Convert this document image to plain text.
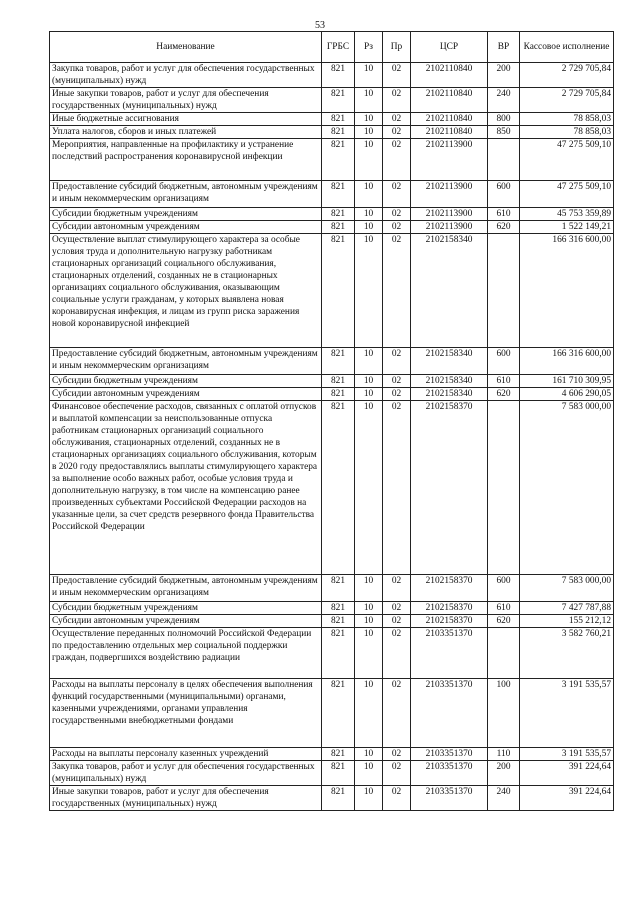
53
Наименование	ГРБС	Рз	Пр	ЦСР	ВР	Кассовое исполнение
Закупка товаров, работ и услуг для обеспечения государственных (муниципальных) нужд	821	10	02	2102110840	200	2 729 705,84
Иные закупки товаров, работ и услуг для обеспечения государственных (муниципальных) нужд	821	10	02	2102110840	240	2 729 705,84
Иные бюджетные ассигнования	821	10	02	2102110840	800	78 858,03
Уплата налогов, сборов и иных платежей	821	10	02	2102110840	850	78 858,03
Мероприятия, направленные на профилактику и устранение последствий распространения коронавирусной инфекции	821	10	02	2102113900		47 275 509,10
Предоставление субсидий бюджетным, автономным учреждениям и иным некоммерческим организациям	821	10	02	2102113900	600	47 275 509,10
Субсидии бюджетным учреждениям	821	10	02	2102113900	610	45 753 359,89
Субсидии автономным учреждениям	821	10	02	2102113900	620	1 522 149,21
Осуществление выплат стимулирующего характера за особые условия труда и дополнительную нагрузку работникам стационарных организаций социального обслуживания, стационарных отделений, созданных не в стационарных организациях социального обслуживания, оказывающим социальные услуги гражданам, у которых выявлена новая коронавирусная инфекция, и лицам из групп риска заражения новой коронавирусной инфекцией	821	10	02	2102158340		166 316 600,00
Предоставление субсидий бюджетным, автономным учреждениям и иным некоммерческим организациям	821	10	02	2102158340	600	166 316 600,00
Субсидии бюджетным учреждениям	821	10	02	2102158340	610	161 710 309,95
Субсидии автономным учреждениям	821	10	02	2102158340	620	4 606 290,05
Финансовое обеспечение расходов, связанных с оплатой отпусков и выплатой компенсации за неиспользованные отпуска работникам стационарных организаций социального обслуживания, стационарных отделений, созданных не в стационарных организациях социального обслуживания, которым в 2020 году предоставлялись выплаты стимулирующего характера за выполнение особо важных работ, особые условия труда и дополнительную нагрузку, в том числе на компенсацию ранее произведенных субъектами Российской Федерации расходов на указанные цели, за счет средств резервного фонда Правительства Российской Федерации	821	10	02	2102158370		7 583 000,00
Предоставление субсидий бюджетным, автономным учреждениям и иным некоммерческим организациям	821	10	02	2102158370	600	7 583 000,00
Субсидии бюджетным учреждениям	821	10	02	2102158370	610	7 427 787,88
Субсидии автономным учреждениям	821	10	02	2102158370	620	155 212,12
Осуществление переданных полномочий Российской Федерации по предоставлению отдельных мер социальной поддержки граждан, подвергшихся воздействию радиации	821	10	02	2103351370		3 582 760,21
Расходы на выплаты персоналу в целях обеспечения выполнения функций государственными (муниципальными) органами, казенными учреждениями, органами управления государственными внебюджетными фондами	821	10	02	2103351370	100	3 191 535,57
Расходы на выплаты персоналу казенных учреждений	821	10	02	2103351370	110	3 191 535,57
Закупка товаров, работ и услуг для обеспечения государственных (муниципальных) нужд	821	10	02	2103351370	200	391 224,64
Иные закупки товаров, работ и услуг для обеспечения государственных (муниципальных) нужд	821	10	02	2103351370	240	391 224,64
